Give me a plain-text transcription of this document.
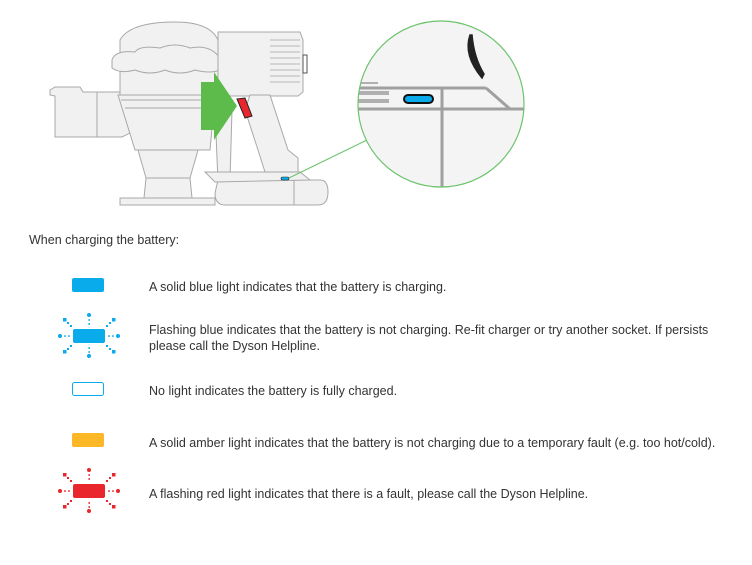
When charging the battery:
A solid blue light indicates that the battery is charging.
Flashing blue indicates that the battery is not charging. Re-fit charger or try another socket. If persists please call the Dyson Helpline.
No light indicates the battery is fully charged.
A solid amber light indicates that the battery is not charging due to a temporary fault (e.g. too hot/cold).
A flashing red light indicates that there is a fault, please call the Dyson Helpline.
